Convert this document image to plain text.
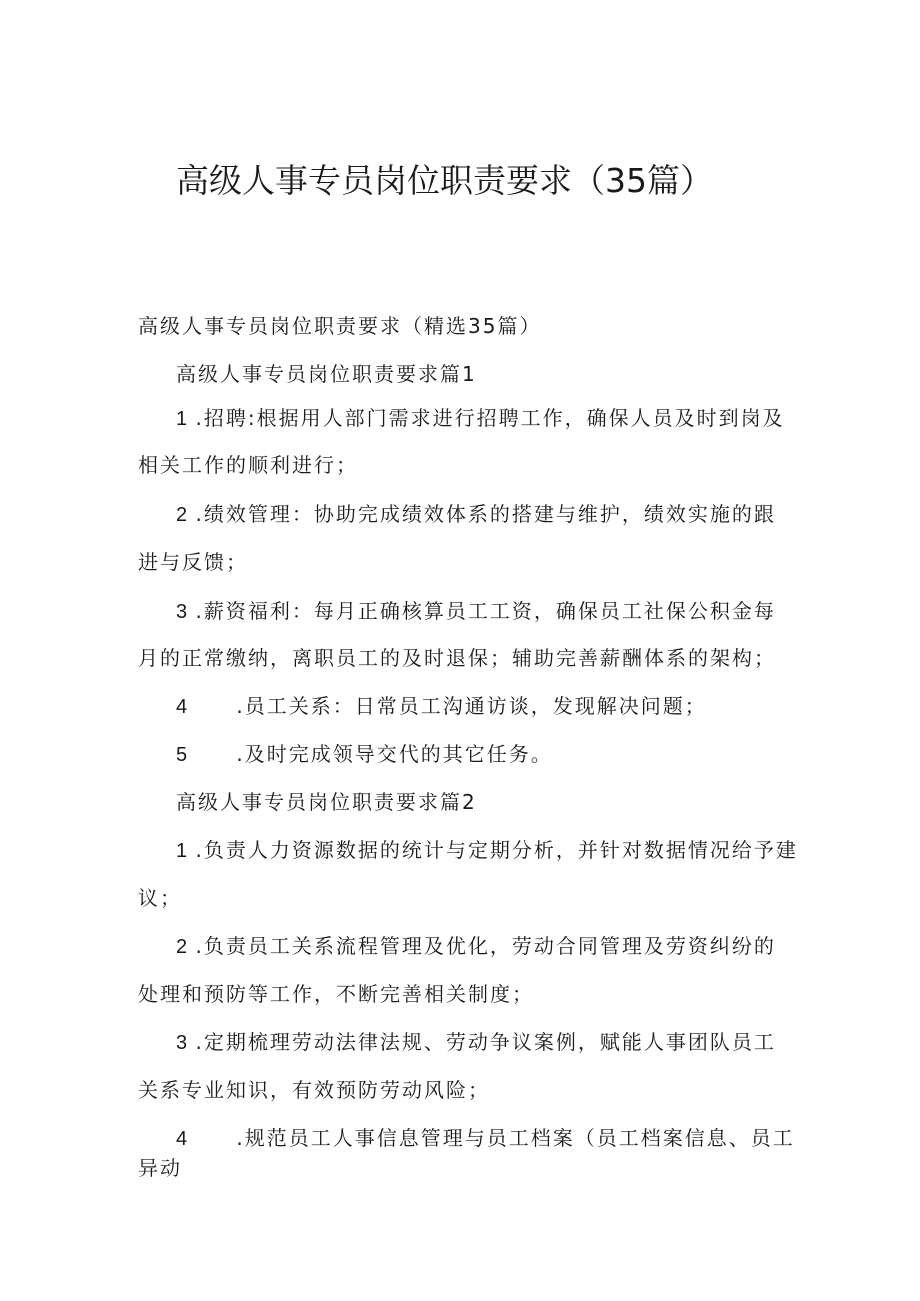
高级人事专员岗位职责要求（35篇）
高级人事专员岗位职责要求（精选35篇）
高级人事专员岗位职责要求篇1
1 .招聘:根据用人部门需求进行招聘工作，确保人员及时到岗及
相关工作的顺利进行；
2 .绩效管理：协助完成绩效体系的搭建与维护，绩效实施的跟
进与反馈；
3 .薪资福利：每月正确核算员工工资，确保员工社保公积金每
月的正常缴纳，离职员工的及时退保；辅助完善薪酬体系的架构；
4 .员工关系：日常员工沟通访谈，发现解决问题；
5 .及时完成领导交代的其它任务。
高级人事专员岗位职责要求篇2
1 .负责人力资源数据的统计与定期分析，并针对数据情况给予建
议；
2 .负责员工关系流程管理及优化，劳动合同管理及劳资纠纷的
处理和预防等工作，不断完善相关制度；
3 .定期梳理劳动法律法规、劳动争议案例，赋能人事团队员工
关系专业知识，有效预防劳动风险；
4 .规范员工人事信息管理与员工档案（员工档案信息、员工
异动
